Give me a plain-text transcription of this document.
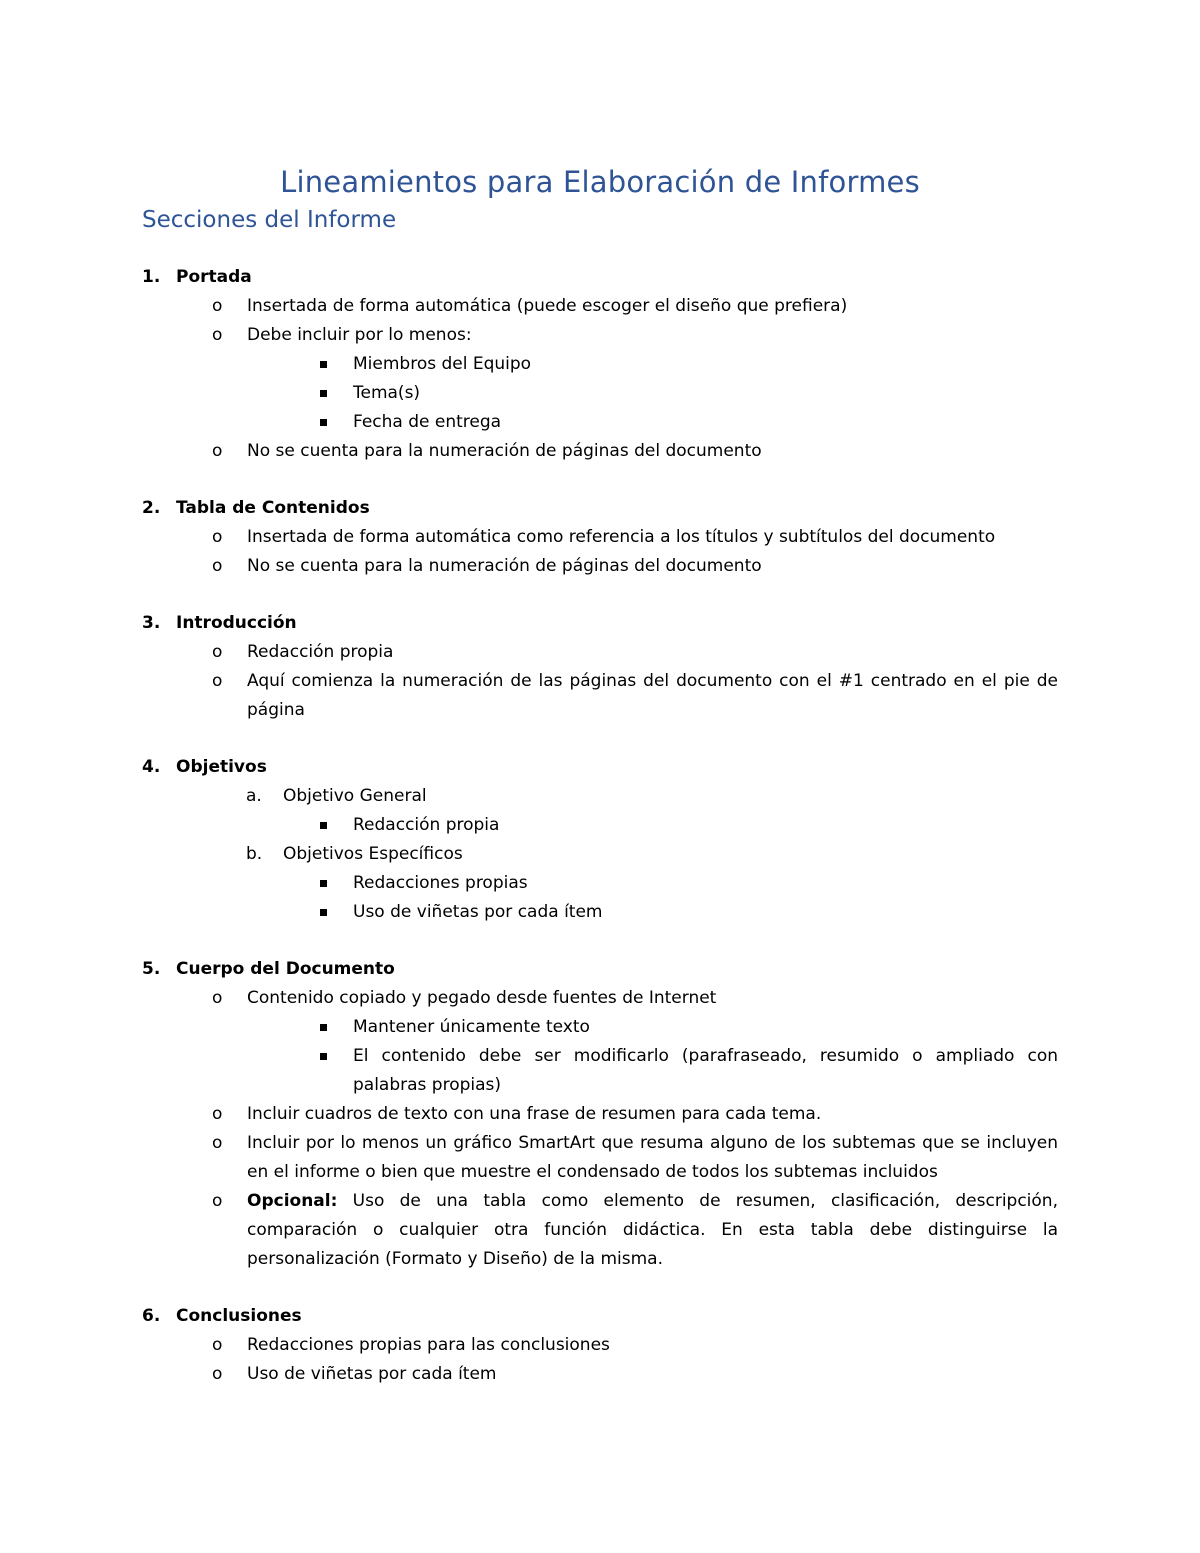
Lineamientos para Elaboración de Informes
Secciones del Informe
1. Portada
o Insertada de forma automática (puede escoger el diseño que prefiera)
o Debe incluir por lo menos:
Miembros del Equipo
Tema(s)
Fecha de entrega
o No se cuenta para la numeración de páginas del documento
2. Tabla de Contenidos
o Insertada de forma automática como referencia a los títulos y subtítulos del documento
o No se cuenta para la numeración de páginas del documento
3. Introducción
o Redacción propia
o Aquí comienza la numeración de las páginas del documento con el #1 centrado en el pie de página
4. Objetivos
a. Objetivo General
Redacción propia
b. Objetivos Específicos
Redacciones propias
Uso de viñetas por cada ítem
5. Cuerpo del Documento
o Contenido copiado y pegado desde fuentes de Internet
Mantener únicamente texto
El contenido debe ser modificarlo (parafraseado, resumido o ampliado con palabras propias)
o Incluir cuadros de texto con una frase de resumen para cada tema.
o Incluir por lo menos un gráfico SmartArt que resuma alguno de los subtemas que se incluyen en el informe o bien que muestre el condensado de todos los subtemas incluidos
o Opcional: Uso de una tabla como elemento de resumen, clasificación, descripción, comparación o cualquier otra función didáctica. En esta tabla debe distinguirse la personalización (Formato y Diseño) de la misma.
6. Conclusiones
o Redacciones propias para las conclusiones
o Uso de viñetas por cada ítem
